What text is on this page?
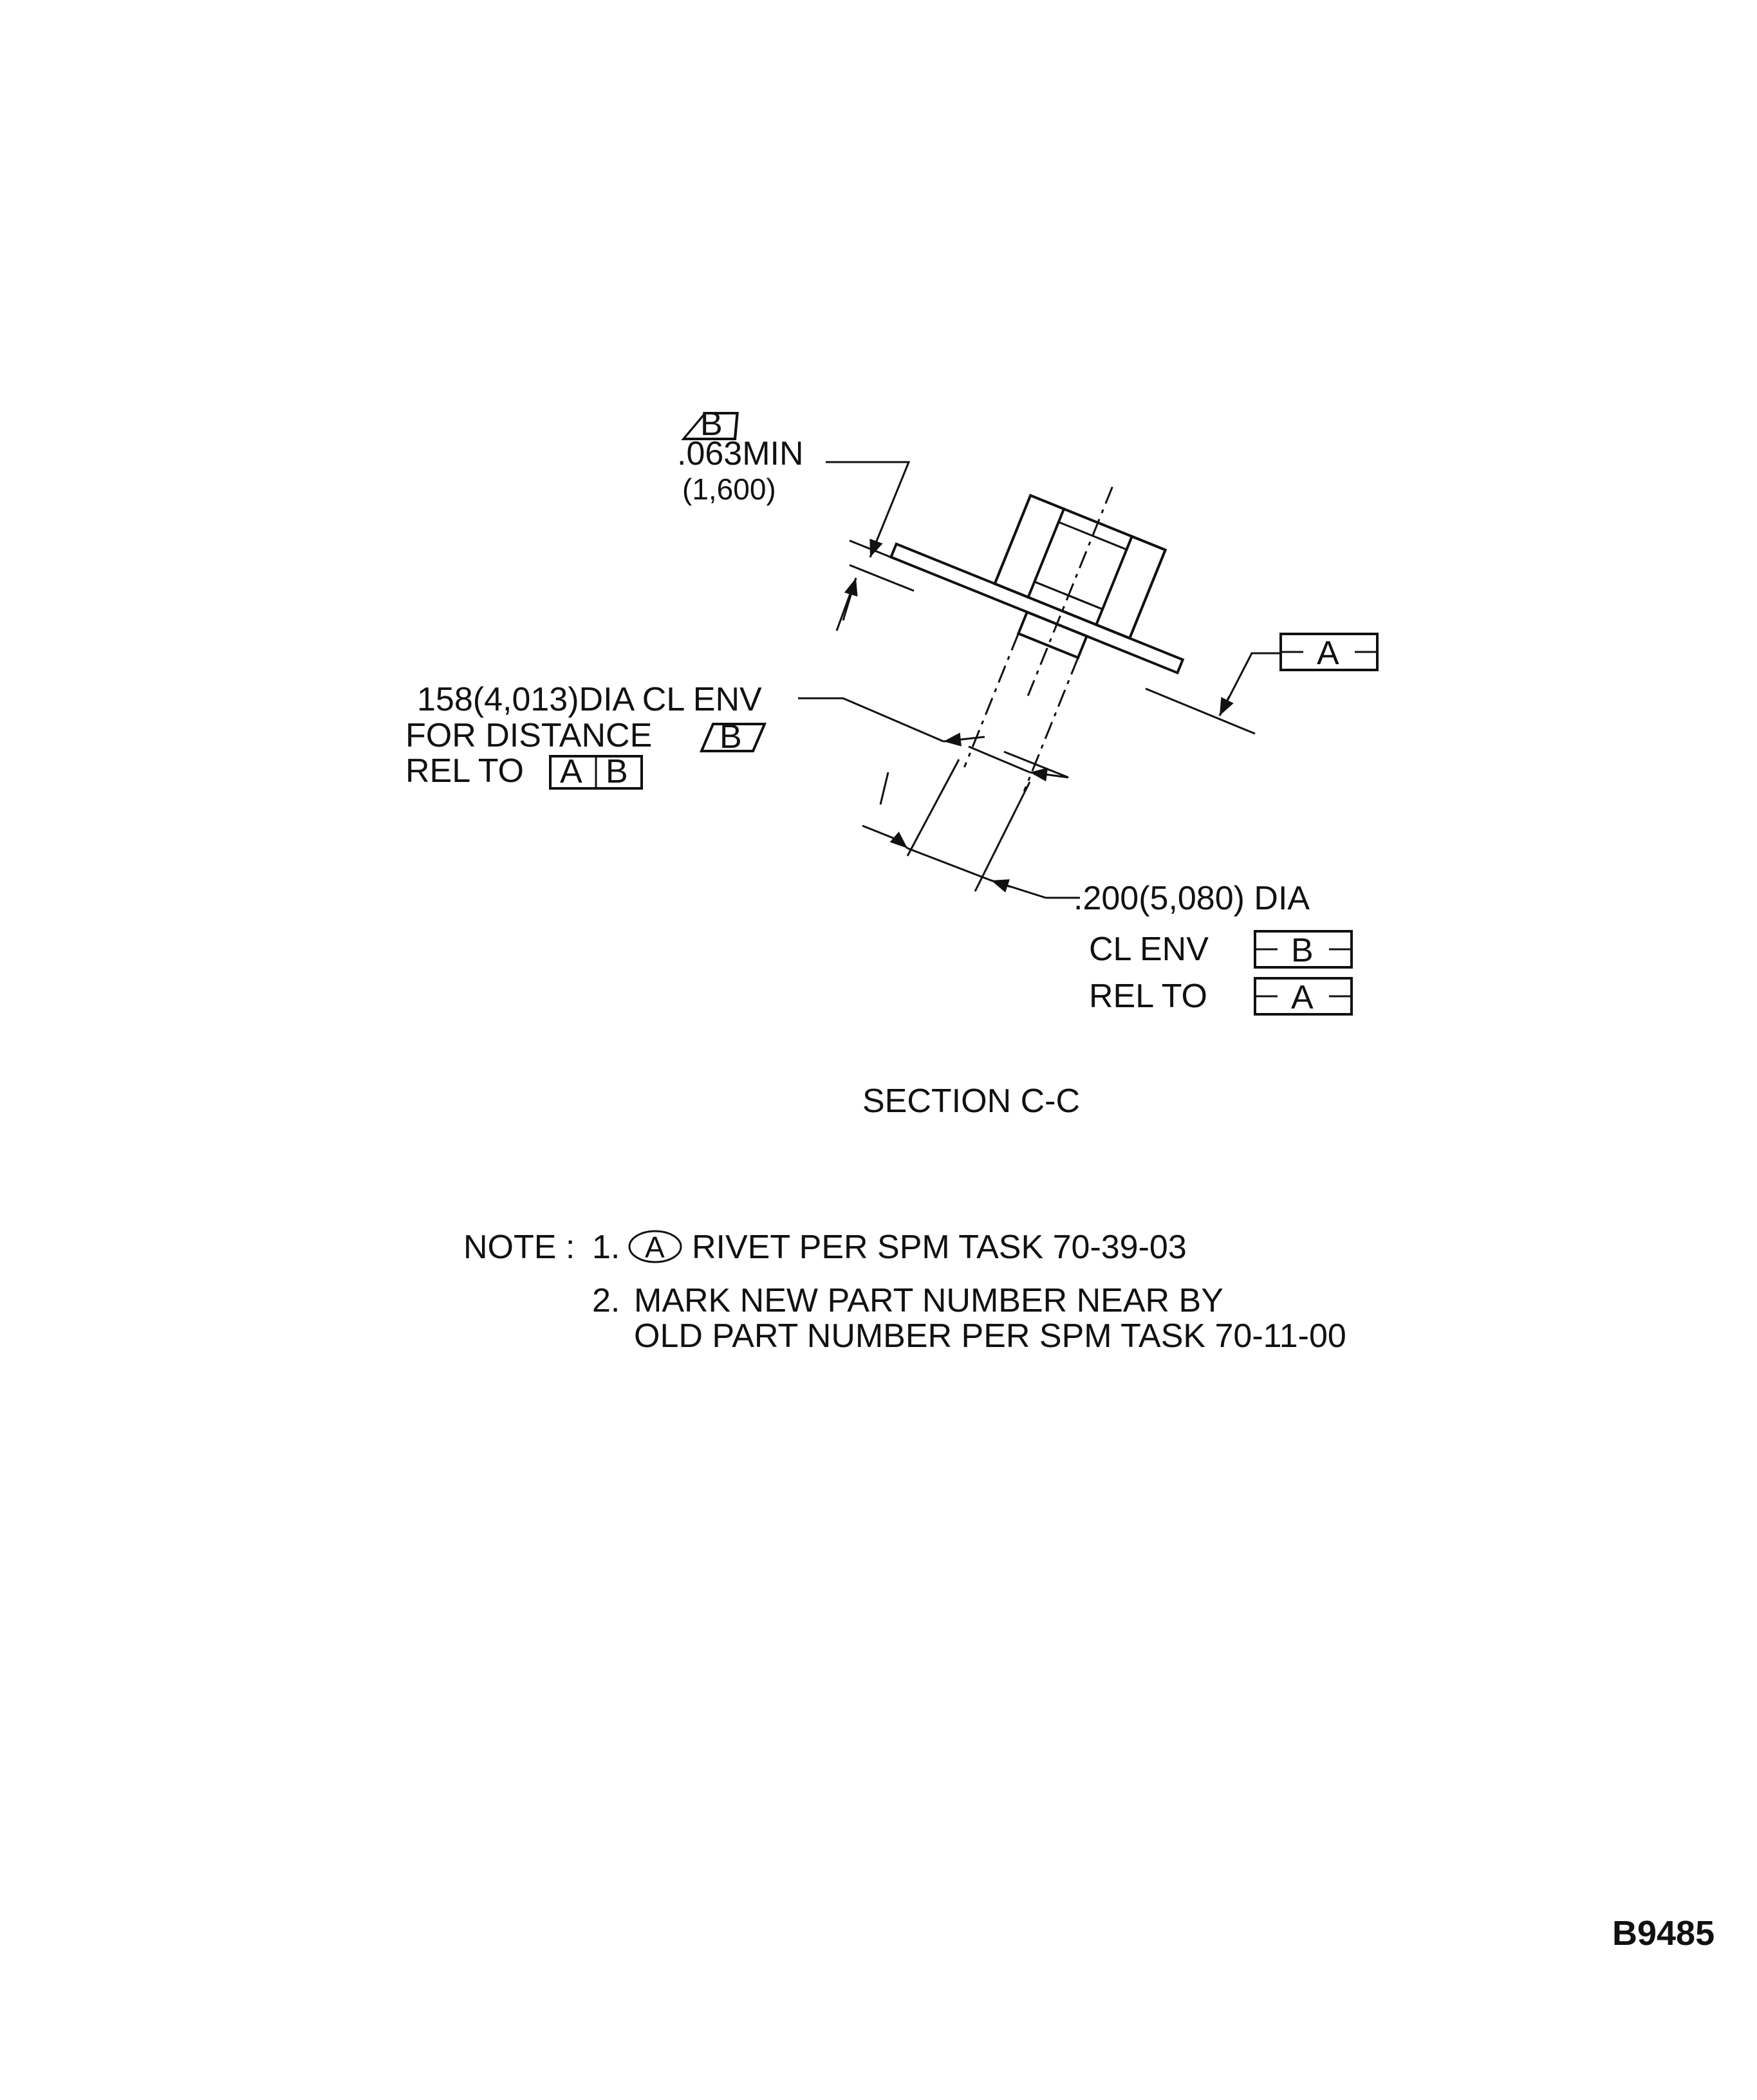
B
.063MIN
(1,600)
A
158(4,013)DIA CL ENV
FOR DISTANCE B
REL TO A B
.200(5,080) DIA
CL ENV B
REL TO A
SECTION C-C
NOTE : 1. A RIVET PER SPM TASK 70-39-03
2. MARK NEW PART NUMBER NEAR BY
OLD PART NUMBER PER SPM TASK 70-11-00
B9485
